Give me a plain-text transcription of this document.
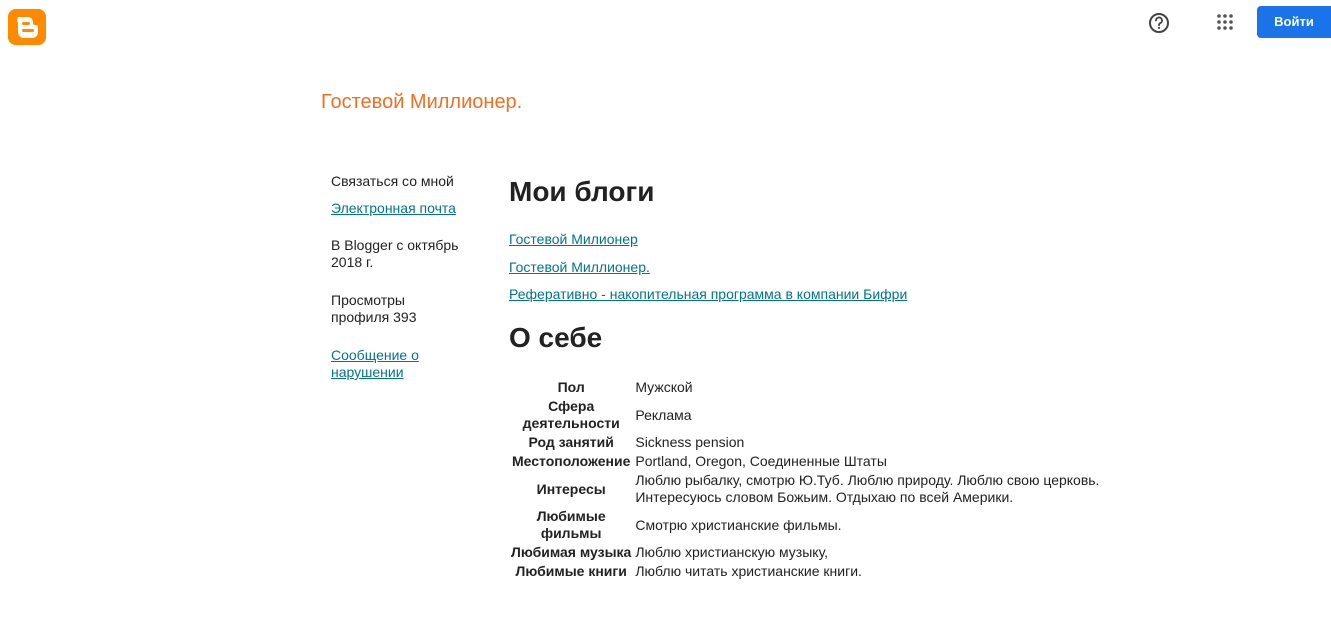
Войти
Гостевой Миллионер.
Связаться со мной
Электронная почта
В Blogger с октябрь 2018 г.
Просмотры профиля 393
Сообщение о нарушении
Мои блоги
Гостевой Милионер
Гостевой Миллионер.
Реферативно - накопительная программа в компании Бифри
О себе
Пол	Мужской
Сфера деятельности	Реклама
Род занятий	Sickness pension
Местоположение	Portland, Oregon, Соединенные Штаты
Интересы	Люблю рыбалку, смотрю Ю.Туб. Люблю природу. Люблю свою церковь. Интересуюсь словом Божьим. Отдыхаю по всей Америки.
Любимые фильмы	Смотрю христианские фильмы.
Любимая музыка	Люблю христианскую музыку,
Любимые книги	Люблю читать христианские книги.
